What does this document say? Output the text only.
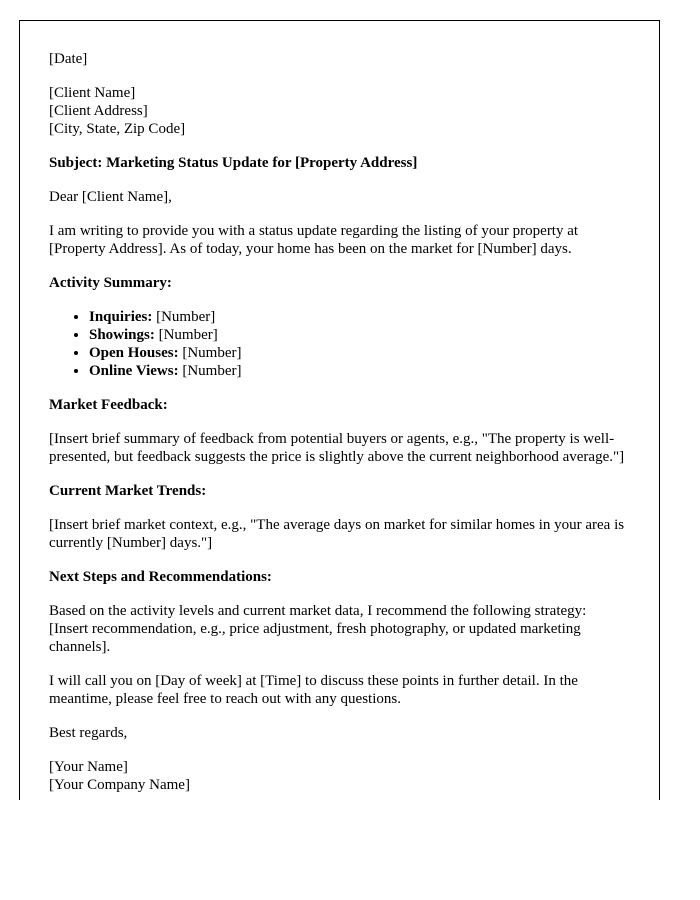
[Date]

[Client Name]

[Client Address]

[City, State, Zip Code]

Subject: Marketing Status Update for [Property Address]

Dear [Client Name],

I am writing to provide you with a status update regarding the listing of your property at [Property Address]. As of today, your home has been on the market for [Number] days.

Activity Summary:

• Inquiries: [Number]
• Showings: [Number]
• Open Houses: [Number]
• Online Views: [Number]

Market Feedback:

[Insert brief summary of feedback from potential buyers or agents, e.g., "The property is well-presented, but feedback suggests the price is slightly above the current neighborhood average."]

Current Market Trends:

[Insert brief market context, e.g., "The average days on market for similar homes in your area is currently [Number] days."]

Next Steps and Recommendations:

Based on the activity levels and current market data, I recommend the following strategy: [Insert recommendation, e.g., price adjustment, fresh photography, or updated marketing channels].

I will call you on [Day of week] at [Time] to discuss these points in further detail. In the meantime, please feel free to reach out with any questions.

Best regards,

[Your Name]

[Your Company Name]
